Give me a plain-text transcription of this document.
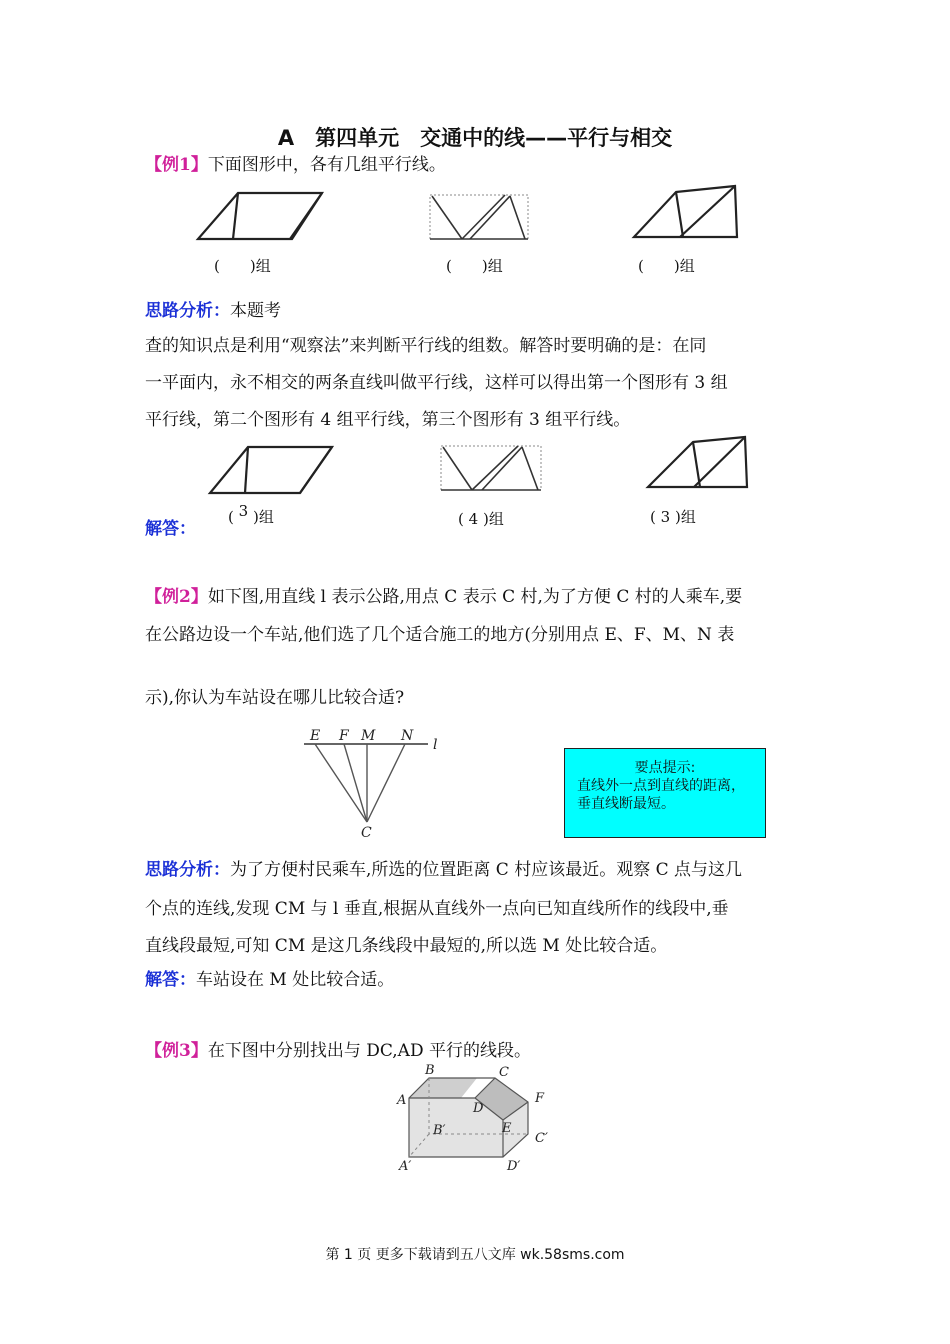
A　第四单元　交通中的线——平行与相交
【例1】下面图形中，各有几组平行线。
( )组	( )组	( )组
思路分析：本题考
查的知识点是利用“观察法”来判断平行线的组数。解答时要明确的是：在同
一平面内，永不相交的两条直线叫做平行线，这样可以得出第一个图形有 3 组
平行线，第二个图形有 4 组平行线，第三个图形有 3 组平行线。
解答：
( 3 )组	( 4 )组	( 3 )组
【例2】如下图,用直线 l 表示公路,用点 C 表示 C 村,为了方便 C 村的人乘车,要
在公路边设一个车站,他们选了几个适合施工的地方(分别用点 E、F、M、N 表
示),你认为车站设在哪儿比较合适?
E F M N
l
C
要点提示:
直线外一点到直线的距离，垂直线断最短。
思路分析：为了方便村民乘车,所选的位置距离 C 村应该最近。观察 C 点与这几
个点的连线,发现 CM 与 l 垂直,根据从直线外一点向已知直线所作的线段中,垂
直线段最短,可知 CM 是这几条线段中最短的,所以选 M 处比较合适。
解答：车站设在 M 处比较合适。
【例3】在下图中分别找出与 DC,AD 平行的线段。
B	C
A
D
F
E
B′
C′
A′	D′
第 1 页 更多下载请到五八文库 wk.58sms.com
